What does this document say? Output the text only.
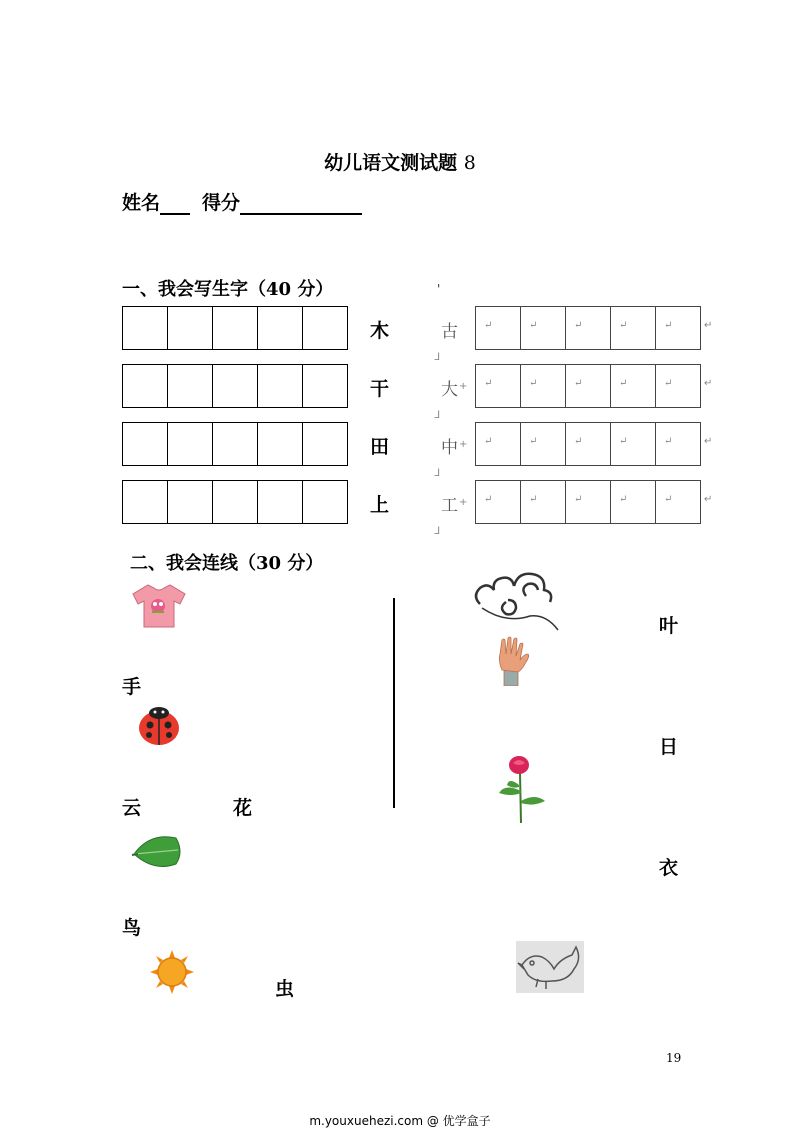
幼儿语文测试题 8
姓名 得分
一、我会写生字（40 分）	'
木
干
田
上
古
大 +
中 +
工 +
ᒧ
ᒧ
ᒧ
ᒧ
↵
↵
↵
↵
↵
↵
↵
↵
↵
↵
↵
↵
↵
↵
↵
↵
↵
↵
↵
↵
↵
↵
↵
↵
二、我会连线（30 分）
叶
手
日
云	花
衣
鸟
虫
19
m.youxuehezi.com @ 优学盒子
